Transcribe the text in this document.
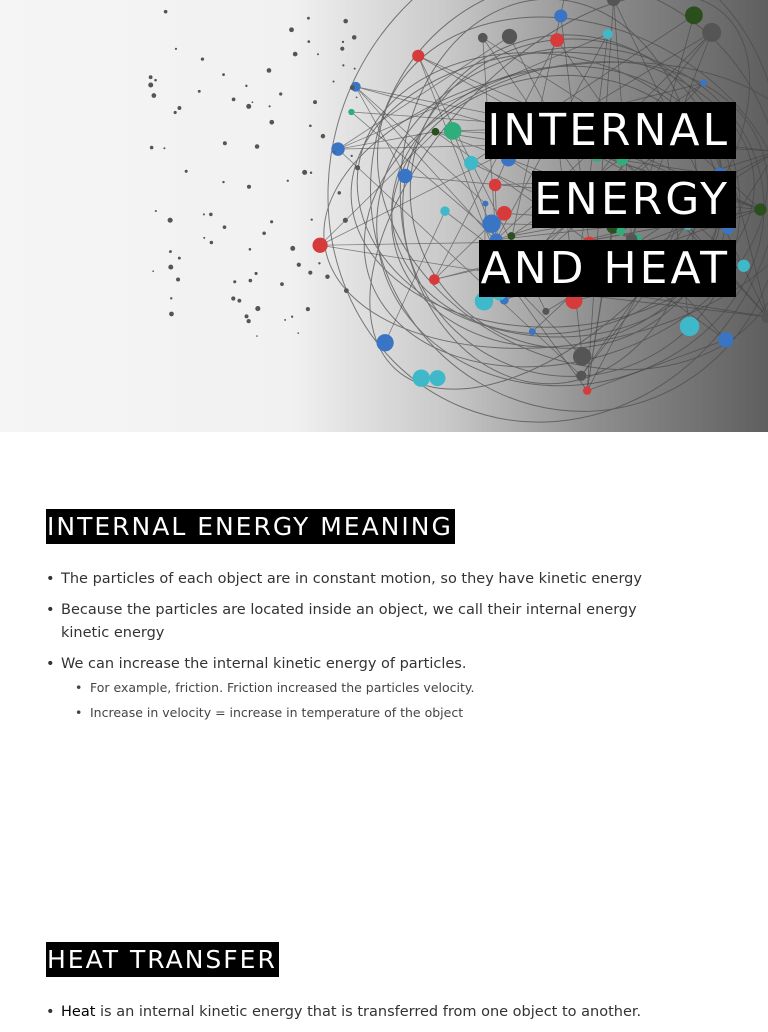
INTERNAL
ENERGY
AND HEAT
INTERNAL ENERGY MEANING
• The particles of each object are in constant motion, so they have kinetic energy
• Because the particles are located inside an object, we call their internal energy kinetic energy
• We can increase the internal kinetic energy of particles.
• For example, friction. Friction increased the particles velocity.
• Increase in velocity = increase in temperature of the object
HEAT TRANSFER
• Heat is an internal kinetic energy that is transferred from one object to another.
